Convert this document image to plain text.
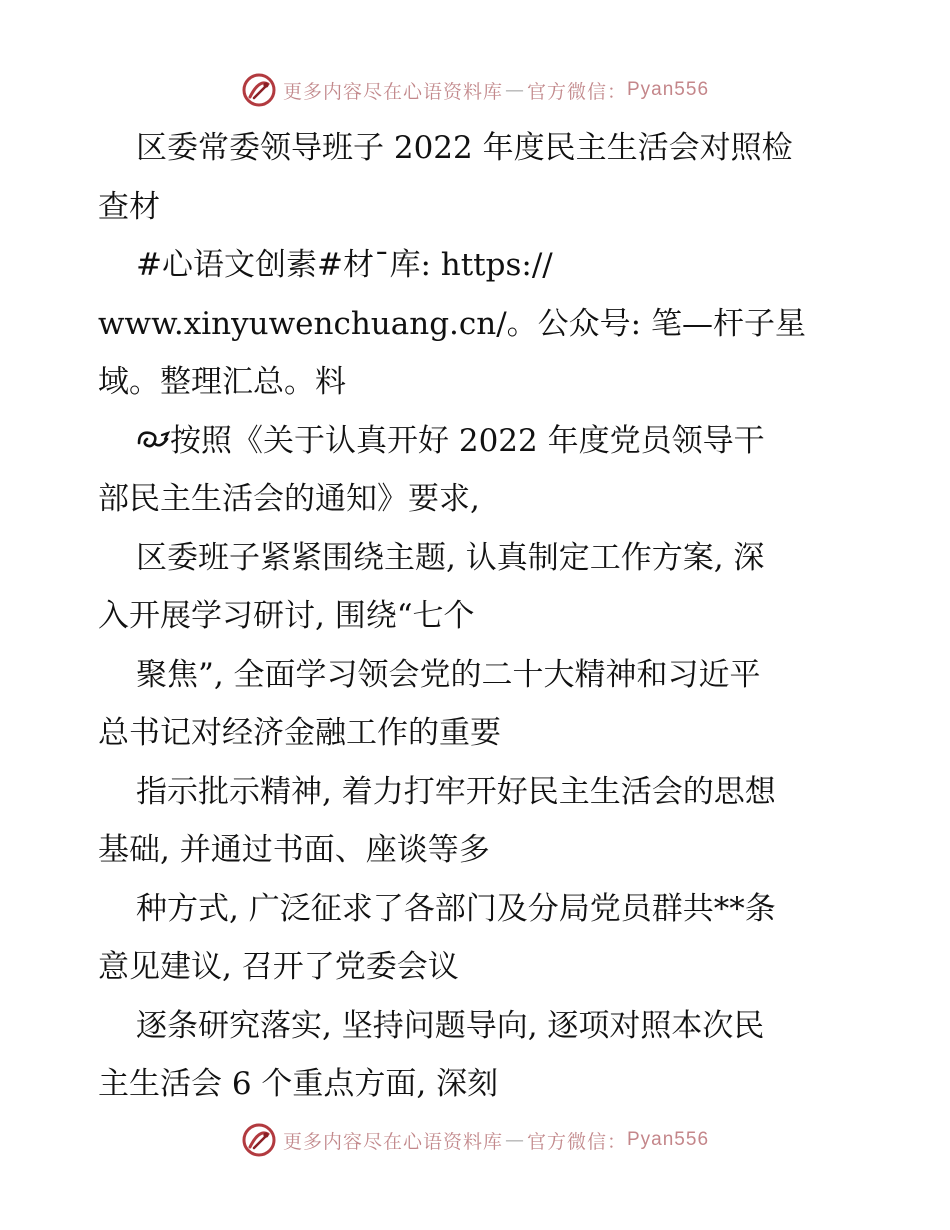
更多内容尽在心语资料库 — 官方微信： Pyan556
区委常委领导班子 2022 年度民主生活会对照检
查材
#心语文创素#材¯库: https://
www.xinyuwenchuang.cn/。公众号: 笔—杆子星
域。整理汇总。料
按照《关于认真开好 2022 年度党员领导干
部民主生活会的通知》要求,
区委班子紧紧围绕主题, 认真制定工作方案, 深
入开展学习研讨, 围绕“七个
聚焦”, 全面学习领会党的二十大精神和习近平
总书记对经济金融工作的重要
指示批示精神, 着力打牢开好民主生活会的思想
基础, 并通过书面、座谈等多
种方式, 广泛征求了各部门及分局党员群共**条
意见建议, 召开了党委会议
逐条研究落实, 坚持问题导向, 逐项对照本次民
主生活会 6 个重点方面, 深刻
更多内容尽在心语资料库 — 官方微信： Pyan556
